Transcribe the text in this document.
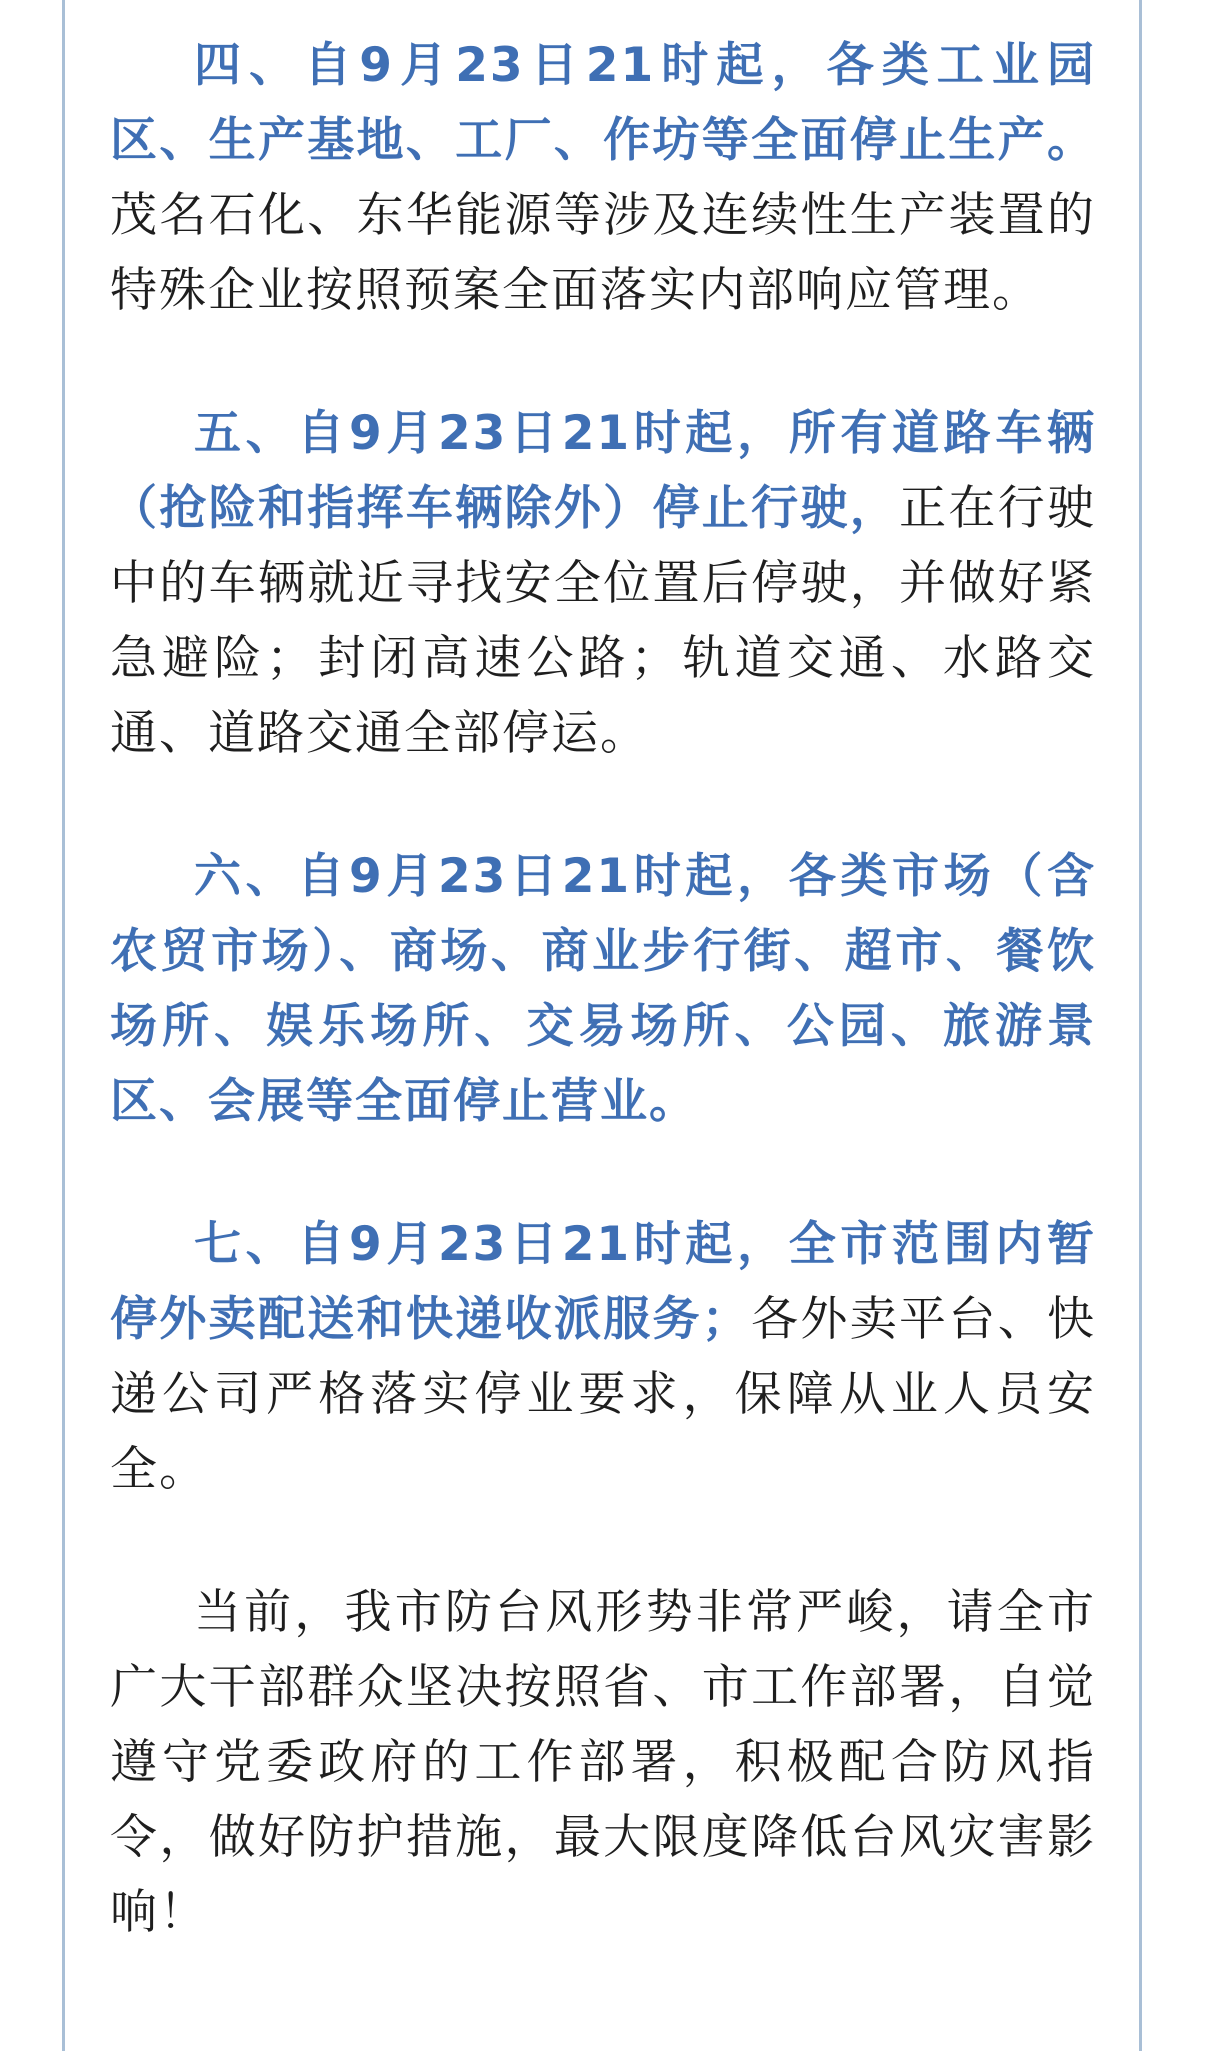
四、自9月23日21时起，各类工业园区、生产基地、工厂、作坊等全面停止生产。茂名石化、东华能源等涉及连续性生产装置的特殊企业按照预案全面落实内部响应管理。

五、自9月23日21时起，所有道路车辆（抢险和指挥车辆除外）停止行驶，正在行驶中的车辆就近寻找安全位置后停驶，并做好紧急避险；封闭高速公路；轨道交通、水路交通、道路交通全部停运。

六、自9月23日21时起，各类市场（含农贸市场）、商场、商业步行街、超市、餐饮场所、娱乐场所、交易场所、公园、旅游景区、会展等全面停止营业。

七、自9月23日21时起，全市范围内暂停外卖配送和快递收派服务；各外卖平台、快递公司严格落实停业要求，保障从业人员安全。

当前，我市防台风形势非常严峻，请全市广大干部群众坚决按照省、市工作部署，自觉遵守党委政府的工作部署，积极配合防风指令，做好防护措施，最大限度降低台风灾害影响！
